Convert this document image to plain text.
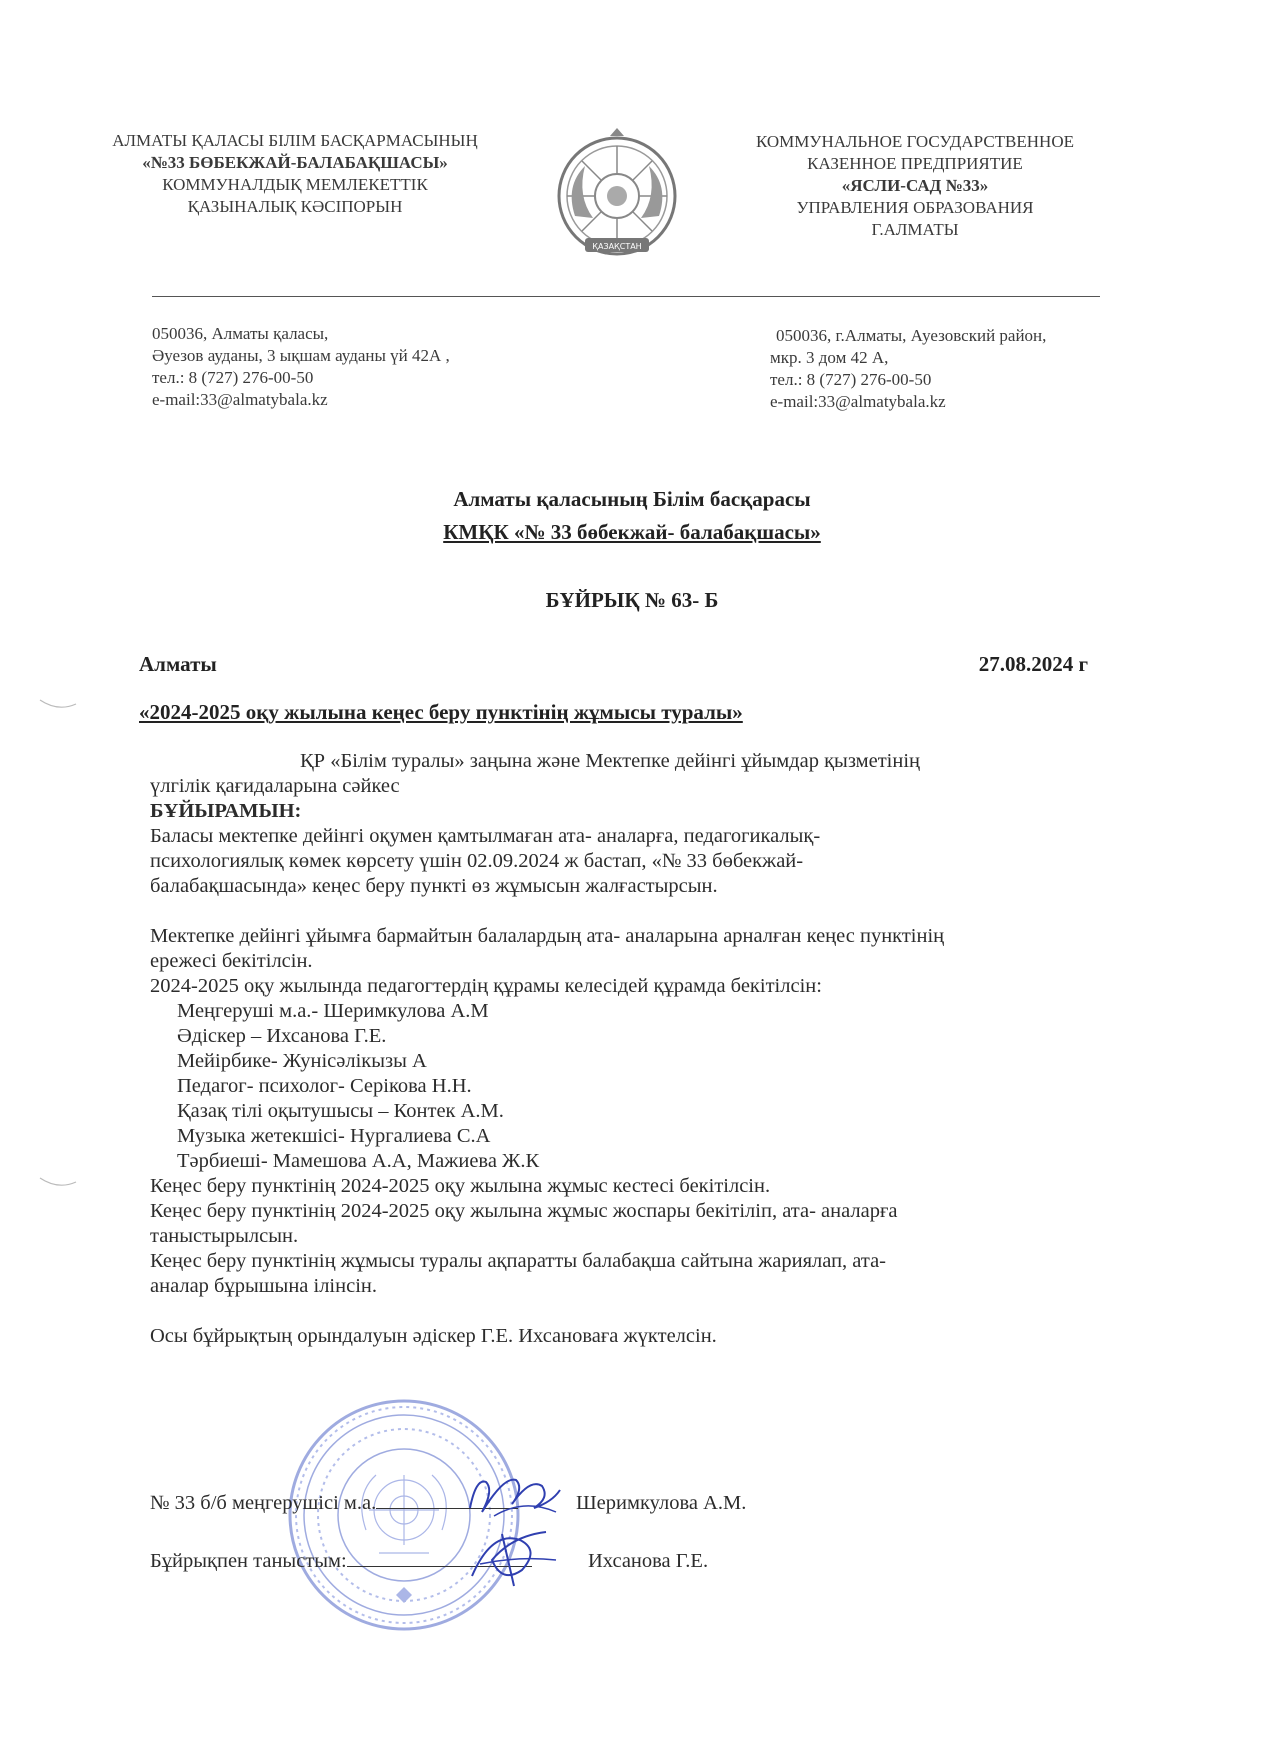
АЛМАТЫ ҚАЛАСЫ БІЛІМ БАСҚАРМАСЫНЫҢ
«№33 БӨБЕКЖАЙ-БАЛАБАҚШАСЫ»
КОММУНАЛДЫҚ МЕМЛЕКЕТТІК
ҚАЗЫНАЛЫҚ КӘСІПОРЫН
ҚАЗАҚСТАН
КОММУНАЛЬНОЕ ГОСУДАРСТВЕННОЕ
КАЗЕННОЕ ПРЕДПРИЯТИЕ
«ЯСЛИ-САД №33»
УПРАВЛЕНИЯ ОБРАЗОВАНИЯ
Г.АЛМАТЫ
050036, Алматы қаласы,
Әуезов ауданы, 3 ықшам ауданы үй 42А ,
тел.: 8 (727) 276-00-50
e-mail:33@almatybala.kz
050036, г.Алматы, Ауезовский район,
мкр. 3 дом 42 А,
тел.: 8 (727) 276-00-50
e-mail:33@almatybala.kz
Алматы қаласының Білім басқарасы
КМҚК «№ 33 бөбекжай- балабақшасы»
БҰЙРЫҚ № 63- Б
Алматы	27.08.2024 г
«2024-2025 оқу жылына кеңес беру пунктінің жұмысы туралы»

ҚР «Білім туралы» заңына және Мектепке дейінгі ұйымдар қызметінің

үлгілік қағидаларына сәйкес

БҰЙЫРАМЫН:

Баласы мектепке дейінгі оқумен қамтылмаған ата- аналарға, педагогикалық-

психологиялық көмек көрсету үшін 02.09.2024 ж бастап, «№ 33 бөбекжай-

балабақшасында» кеңес беру пункті өз жұмысын жалғастырсын.

Мектепке дейінгі ұйымға бармайтын балалардың ата- аналарына арналған кеңес пунктінің

ережесі бекітілсін.

2024-2025 оқу жылында педагогтердің құрамы келесідей құрамда бекітілсін:

Меңгеруші м.а.- Шеримкулова А.М

Әдіскер – Ихсанова Г.Е.

Мейірбике- Жунісәлікызы А

Педагог- психолог- Серікова Н.Н.

Қазақ тілі оқытушысы – Контек А.М.

Музыка жетекшісі- Нургалиева С.А

Тәрбиеші- Мамешова А.А, Мажиева Ж.К

Кеңес беру пунктінің 2024-2025 оқу жылына жұмыс кестесі бекітілсін.

Кеңес беру пунктінің 2024-2025 оқу жылына жұмыс жоспары бекітіліп, ата- аналарға

таныстырылсын.

Кеңес беру пунктінің жұмысы туралы ақпаратты балабақша сайтына жариялап, ата-

аналар бұрышына ілінсін.

Осы бұйрықтың орындалуын әдіскер Г.Е. Ихсановаға жүктелсін.

№ 33 б/б меңгерушісі м.а.	Шеримкулова А.М.
Бұйрықпен таныстым:	Ихсанова Г.Е.
